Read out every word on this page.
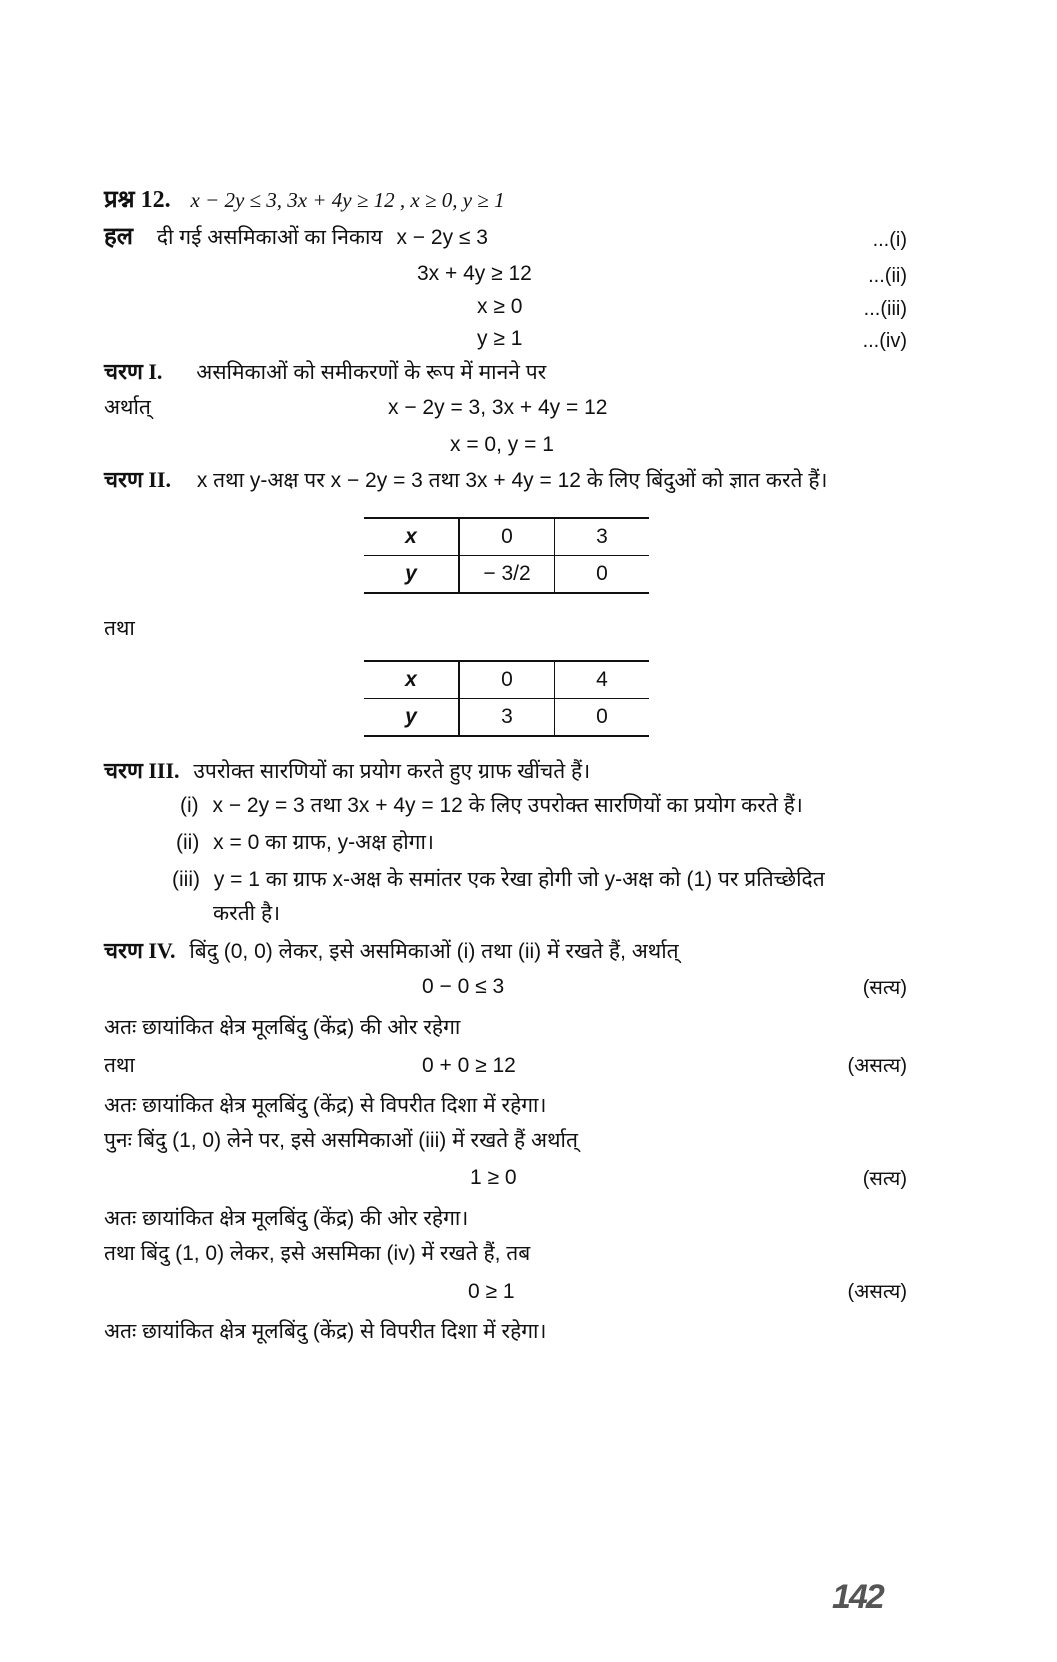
प्रश्न 12. x − 2y ≤ 3, 3x + 4y ≥ 12 , x ≥ 0, y ≥ 1
हल दी गई असमिकाओं का निकाय x − 2y ≤ 3	...(i)
3x + 4y ≥ 12	...(ii)
x ≥ 0	...(iii)
y ≥ 1	...(iv)
चरण I. असमिकाओं को समीकरणों के रूप में मानने पर
अर्थात्	x − 2y = 3, 3x + 4y = 12
x = 0, y = 1
चरण II. x तथा y-अक्ष पर x − 2y = 3 तथा 3x + 4y = 12 के लिए बिंदुओं को ज्ञात करते हैं।
x	0	3
y	− 3/2	0
तथा
x	0	4
y	3	0
चरण III. उपरोक्त सारणियों का प्रयोग करते हुए ग्राफ खींचते हैं।
(i) x − 2y = 3 तथा 3x + 4y = 12 के लिए उपरोक्त सारणियों का प्रयोग करते हैं।
(ii) x = 0 का ग्राफ, y-अक्ष होगा।
(iii) y = 1 का ग्राफ x-अक्ष के समांतर एक रेखा होगी जो y-अक्ष को (1) पर प्रतिच्छेदित
करती है।
चरण IV. बिंदु (0, 0) लेकर, इसे असमिकाओं (i) तथा (ii) में रखते हैं, अर्थात्
0 − 0 ≤ 3	(सत्य)
अतः छायांकित क्षेत्र मूलबिंदु (केंद्र) की ओर रहेगा
तथा	0 + 0 ≥ 12	(असत्य)
अतः छायांकित क्षेत्र मूलबिंदु (केंद्र) से विपरीत दिशा में रहेगा।
पुनः बिंदु (1, 0) लेने पर, इसे असमिकाओं (iii) में रखते हैं अर्थात्
1 ≥ 0	(सत्य)
अतः छायांकित क्षेत्र मूलबिंदु (केंद्र) की ओर रहेगा।
तथा बिंदु (1, 0) लेकर, इसे असमिका (iv) में रखते हैं, तब
0 ≥ 1	(असत्य)
अतः छायांकित क्षेत्र मूलबिंदु (केंद्र) से विपरीत दिशा में रहेगा।
142
